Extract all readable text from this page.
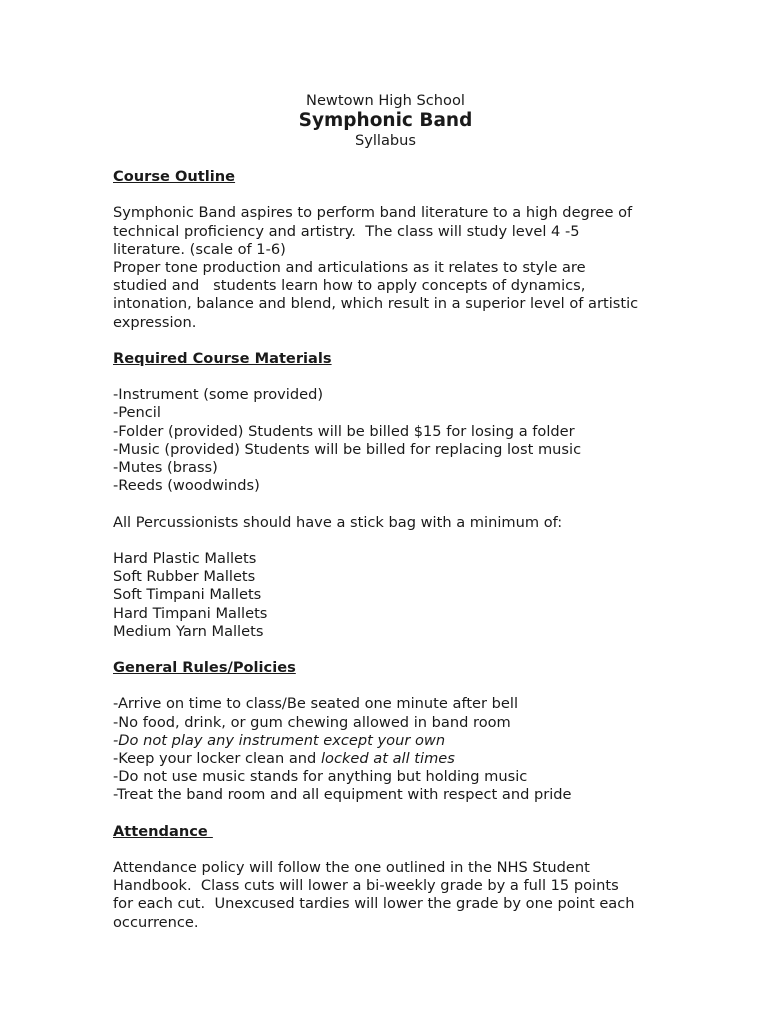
Newtown High School
Symphonic Band
Syllabus
Course Outline
Symphonic Band aspires to perform band literature to a high degree of
technical proficiency and artistry.  The class will study level 4 -5
literature. (scale of 1-6)
Proper tone production and articulations as it relates to style are
studied and   students learn how to apply concepts of dynamics,
intonation, balance and blend, which result in a superior level of artistic
expression.
Required Course Materials
-Instrument (some provided)
-Pencil
-Folder (provided) Students will be billed $15 for losing a folder
-Music (provided) Students will be billed for replacing lost music
-Mutes (brass)
-Reeds (woodwinds)
All Percussionists should have a stick bag with a minimum of:
Hard Plastic Mallets
Soft Rubber Mallets
Soft Timpani Mallets
Hard Timpani Mallets
Medium Yarn Mallets
General Rules/Policies
-Arrive on time to class/Be seated one minute after bell
-No food, drink, or gum chewing allowed in band room
-Do not play any instrument except your own
-Keep your locker clean and locked at all times
-Do not use music stands for anything but holding music
-Treat the band room and all equipment with respect and pride
Attendance
Attendance policy will follow the one outlined in the NHS Student
Handbook.  Class cuts will lower a bi-weekly grade by a full 15 points
for each cut.  Unexcused tardies will lower the grade by one point each
occurrence.
